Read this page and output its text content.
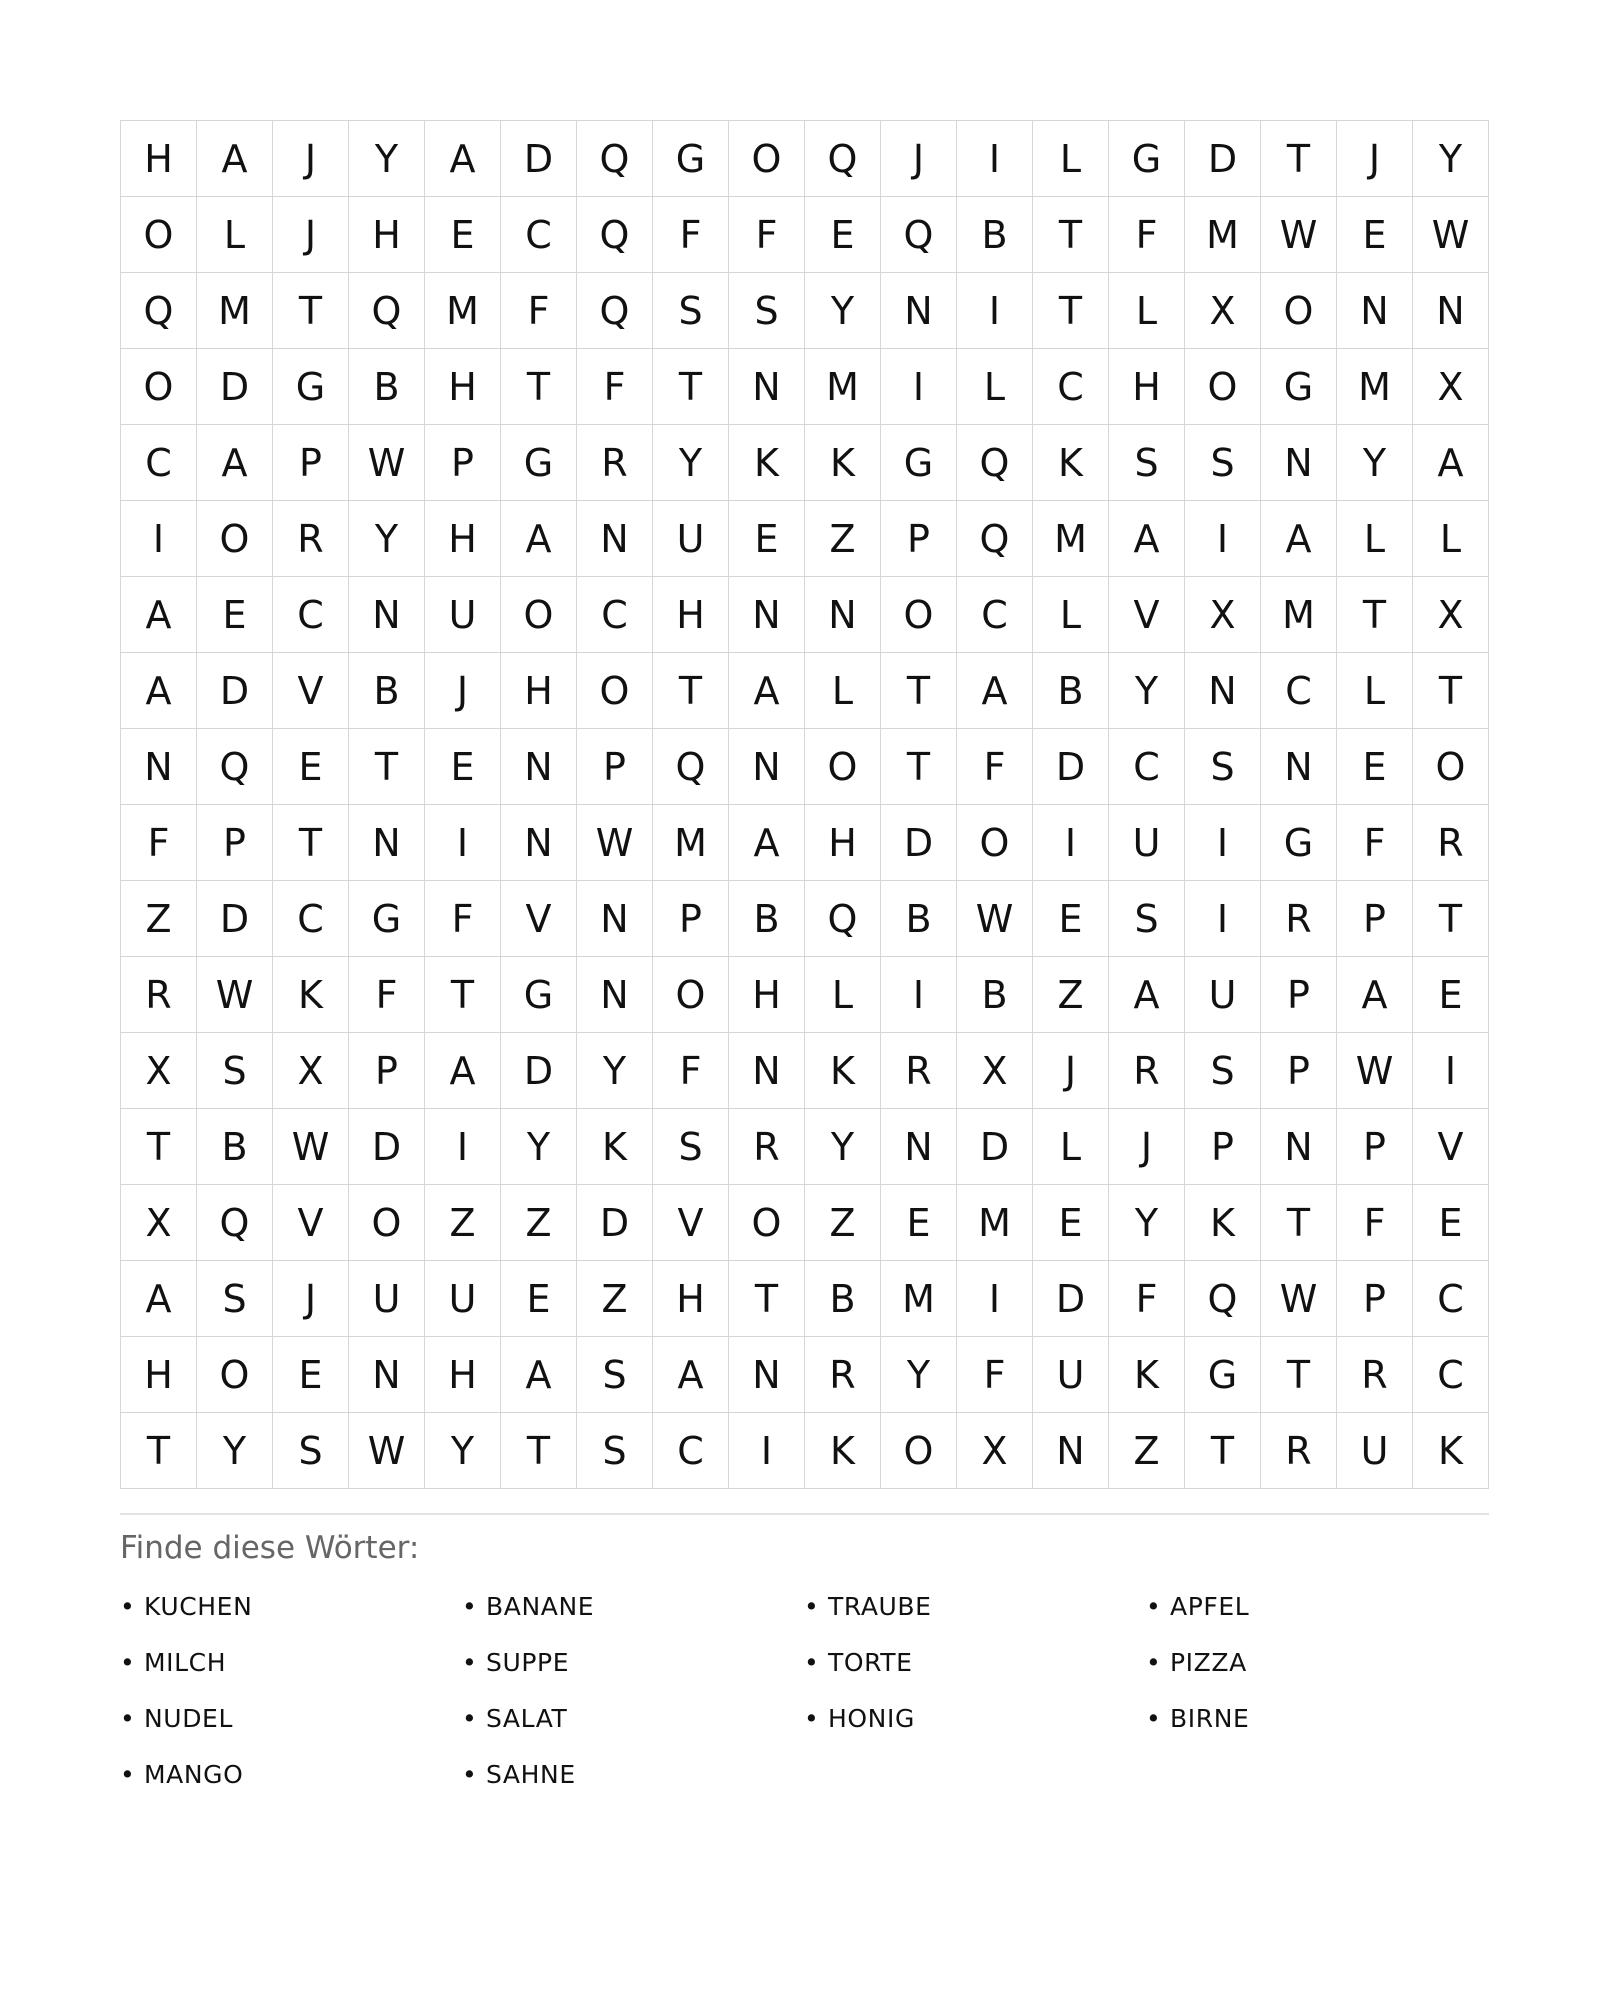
H	A	J	Y	A	D	Q	G	O	Q	J	I	L	G	D	T	J	Y
O	L	J	H	E	C	Q	F	F	E	Q	B	T	F	M	W	E	W
Q	M	T	Q	M	F	Q	S	S	Y	N	I	T	L	X	O	N	N
O	D	G	B	H	T	F	T	N	M	I	L	C	H	O	G	M	X
C	A	P	W	P	G	R	Y	K	K	G	Q	K	S	S	N	Y	A
I	O	R	Y	H	A	N	U	E	Z	P	Q	M	A	I	A	L	L
A	E	C	N	U	O	C	H	N	N	O	C	L	V	X	M	T	X
A	D	V	B	J	H	O	T	A	L	T	A	B	Y	N	C	L	T
N	Q	E	T	E	N	P	Q	N	O	T	F	D	C	S	N	E	O
F	P	T	N	I	N	W	M	A	H	D	O	I	U	I	G	F	R
Z	D	C	G	F	V	N	P	B	Q	B	W	E	S	I	R	P	T
R	W	K	F	T	G	N	O	H	L	I	B	Z	A	U	P	A	E
X	S	X	P	A	D	Y	F	N	K	R	X	J	R	S	P	W	I
T	B	W	D	I	Y	K	S	R	Y	N	D	L	J	P	N	P	V
X	Q	V	O	Z	Z	D	V	O	Z	E	M	E	Y	K	T	F	E
A	S	J	U	U	E	Z	H	T	B	M	I	D	F	Q	W	P	C
H	O	E	N	H	A	S	A	N	R	Y	F	U	K	G	T	R	C
T	Y	S	W	Y	T	S	C	I	K	O	X	N	Z	T	R	U	K
Finde diese Wörter:
• KUCHEN	• BANANE	• TRAUBE	• APFEL
• MILCH	• SUPPE	• TORTE	• PIZZA
• NUDEL	• SALAT	• HONIG	• BIRNE
• MANGO	• SAHNE
